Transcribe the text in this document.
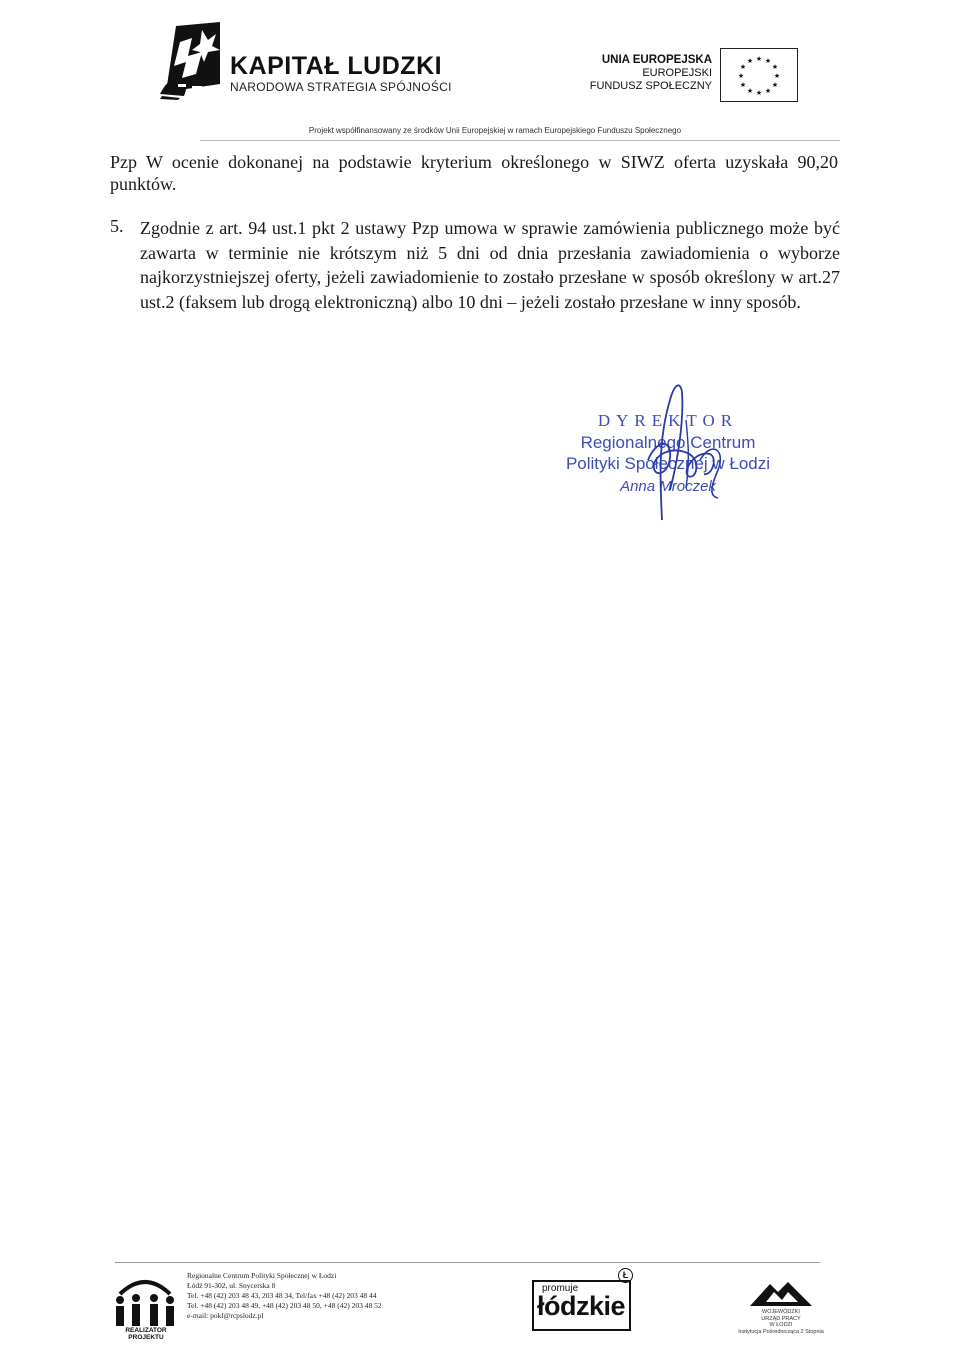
KAPITAŁ LUDZKI
NARODOWA STRATEGIA SPÓJNOŚCI
UNIA EUROPEJSKA
EUROPEJSKI
FUNDUSZ SPOŁECZNY
★ ★
★
★
★
★
★
★
★
★
★
★
Projekt współfinansowany ze środków Unii Europejskiej w ramach Europejskiego Funduszu Społecznego
Pzp W ocenie dokonanej na podstawie kryterium określonego w SIWZ oferta uzyskała 90,20 punktów.
5. Zgodnie z art. 94 ust.1 pkt 2 ustawy Pzp umowa w sprawie zamówienia publicznego może być zawarta w terminie nie krótszym niż 5 dni od dnia przesłania zawiadomienia o wyborze najkorzystniejszej oferty, jeżeli zawiadomienie to zostało przesłane w sposób określony w art.27 ust.2 (faksem lub drogą elektroniczną) albo 10 dni – jeżeli zostało przesłane w inny sposób.
DYREKTOR
Regionalnego Centrum
Polityki Społecznej w Łodzi
Anna Mroczek
REALIZATOR PROJEKTU
Regionalne Centrum Polityki Społecznej w Łodzi
Łódź 91-302, ul. Snycerska 8
Tel. +48 (42) 203 48 43, 203 48 34, Tel/fax +48 (42) 203 48 44
Tel. +48 (42) 203 48 49, +48 (42) 203 48 50, +48 (42) 203 48 52
e-mail: pokl@rcpslodz.pl
promuje
łódzkie
Ł
WOJEWÓDZKI
URZĄD PRACY
W ŁODZI
Instytucja Pośrednicząca 2 Stopnia
